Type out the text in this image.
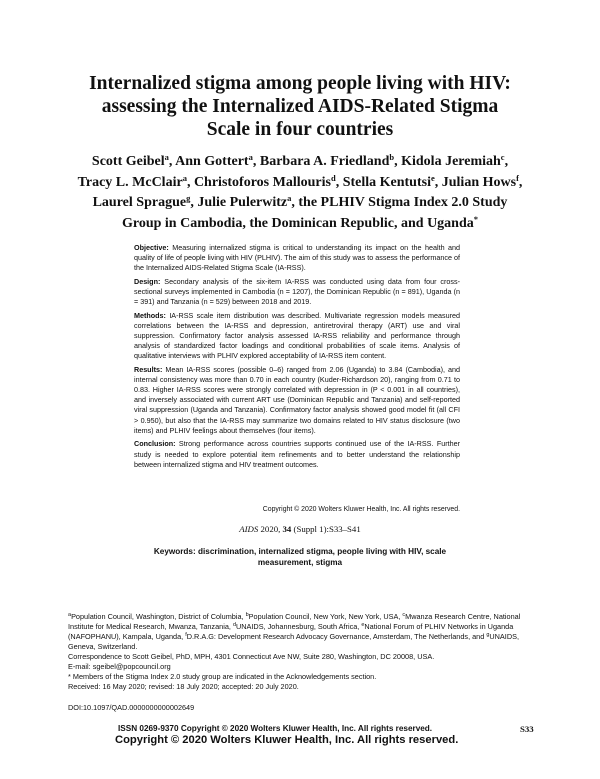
Internalized stigma among people living with HIV:
assessing the Internalized AIDS-Related Stigma
Scale in four countries
Scott Geibel$^a$, Ann Gottert$^a$, Barbara A. Friedland$^b$, Kidola Jeremiah$^c$,
Tracy L. McClair$^a$, Christoforos Mallouris$^d$, Stella Kentutsi$^e$, Julian Hows$^f$,
Laurel Sprague$^g$, Julie Pulerwitz$^a$, the PLHIV Stigma Index 2.0 Study
Group in Cambodia, the Dominican Republic, and Uganda*

Objective: Measuring internalized stigma is critical to understanding its impact on the health and quality of life of people living with HIV (PLHIV). The aim of this study was to assess the performance of the Internalized AIDS-Related Stigma Scale (IA-RSS).

Design: Secondary analysis of the six-item IA-RSS was conducted using data from four cross-sectional surveys implemented in Cambodia (n = 1207), the Dominican Republic (n = 891), Uganda (n = 391) and Tanzania (n = 529) between 2018 and 2019.

Methods: IA-RSS scale item distribution was described. Multivariate regression models measured correlations between the IA-RSS and depression, antiretroviral therapy (ART) use and viral suppression. Confirmatory factor analysis assessed IA-RSS reliability and performance through analysis of standardized factor loadings and conditional probabilities of scale items. Analysis of qualitative interviews with PLHIV explored acceptability of IA-RSS item content.

Results: Mean IA-RSS scores (possible 0–6) ranged from 2.06 (Uganda) to 3.84 (Cambodia), and internal consistency was more than 0.70 in each country (Kuder-Richardson 20), ranging from 0.71 to 0.83. Higher IA-RSS scores were strongly correlated with depression in (P < 0.001 in all countries), and inversely associated with current ART use (Dominican Republic and Tanzania) and self-reported viral suppression (Uganda and Tanzania). Confirmatory factor analysis showed good model fit (all CFI > 0.950), but also that the IA-RSS may summarize two domains related to HIV status disclosure (two items) and PLHIV feelings about themselves (four items).

Conclusion: Strong performance across countries supports continued use of the IA-RSS. Further study is needed to explore potential item refinements and to better understand the relationship between internalized stigma and HIV treatment outcomes.

Copyright © 2020 Wolters Kluwer Health, Inc. All rights reserved.
AIDS 2020, 34 (Suppl 1):S33–S41
Keywords: discrimination, internalized stigma, people living with HIV, scale measurement, stigma

$^a$Population Council, Washington, District of Columbia, $^b$Population Council, New York, New York, USA, $^c$Mwanza Research Centre, National Institute for Medical Research, Mwanza, Tanzania, $^d$UNAIDS, Johannesburg, South Africa, $^e$National Forum of PLHIV Networks in Uganda (NAFOPHANU), Kampala, Uganda, $^f$D.R.A.G: Development Research Advocacy Governance, Amsterdam, The Netherlands, and $^g$UNAIDS, Geneva, Switzerland.

Correspondence to Scott Geibel, PhD, MPH, 4301 Connecticut Ave NW, Suite 280, Washington, DC 20008, USA.

E-mail: sgeibel@popcouncil.org

* Members of the Stigma Index 2.0 study group are indicated in the Acknowledgements section.

Received: 16 May 2020; revised: 18 July 2020; accepted: 20 July 2020.

DOI:10.1097/QAD.0000000000002649
ISSN 0269-9370 Copyright © 2020 Wolters Kluwer Health, Inc. All rights reserved.	S33
Copyright © 2020 Wolters Kluwer Health, Inc. All rights reserved.
